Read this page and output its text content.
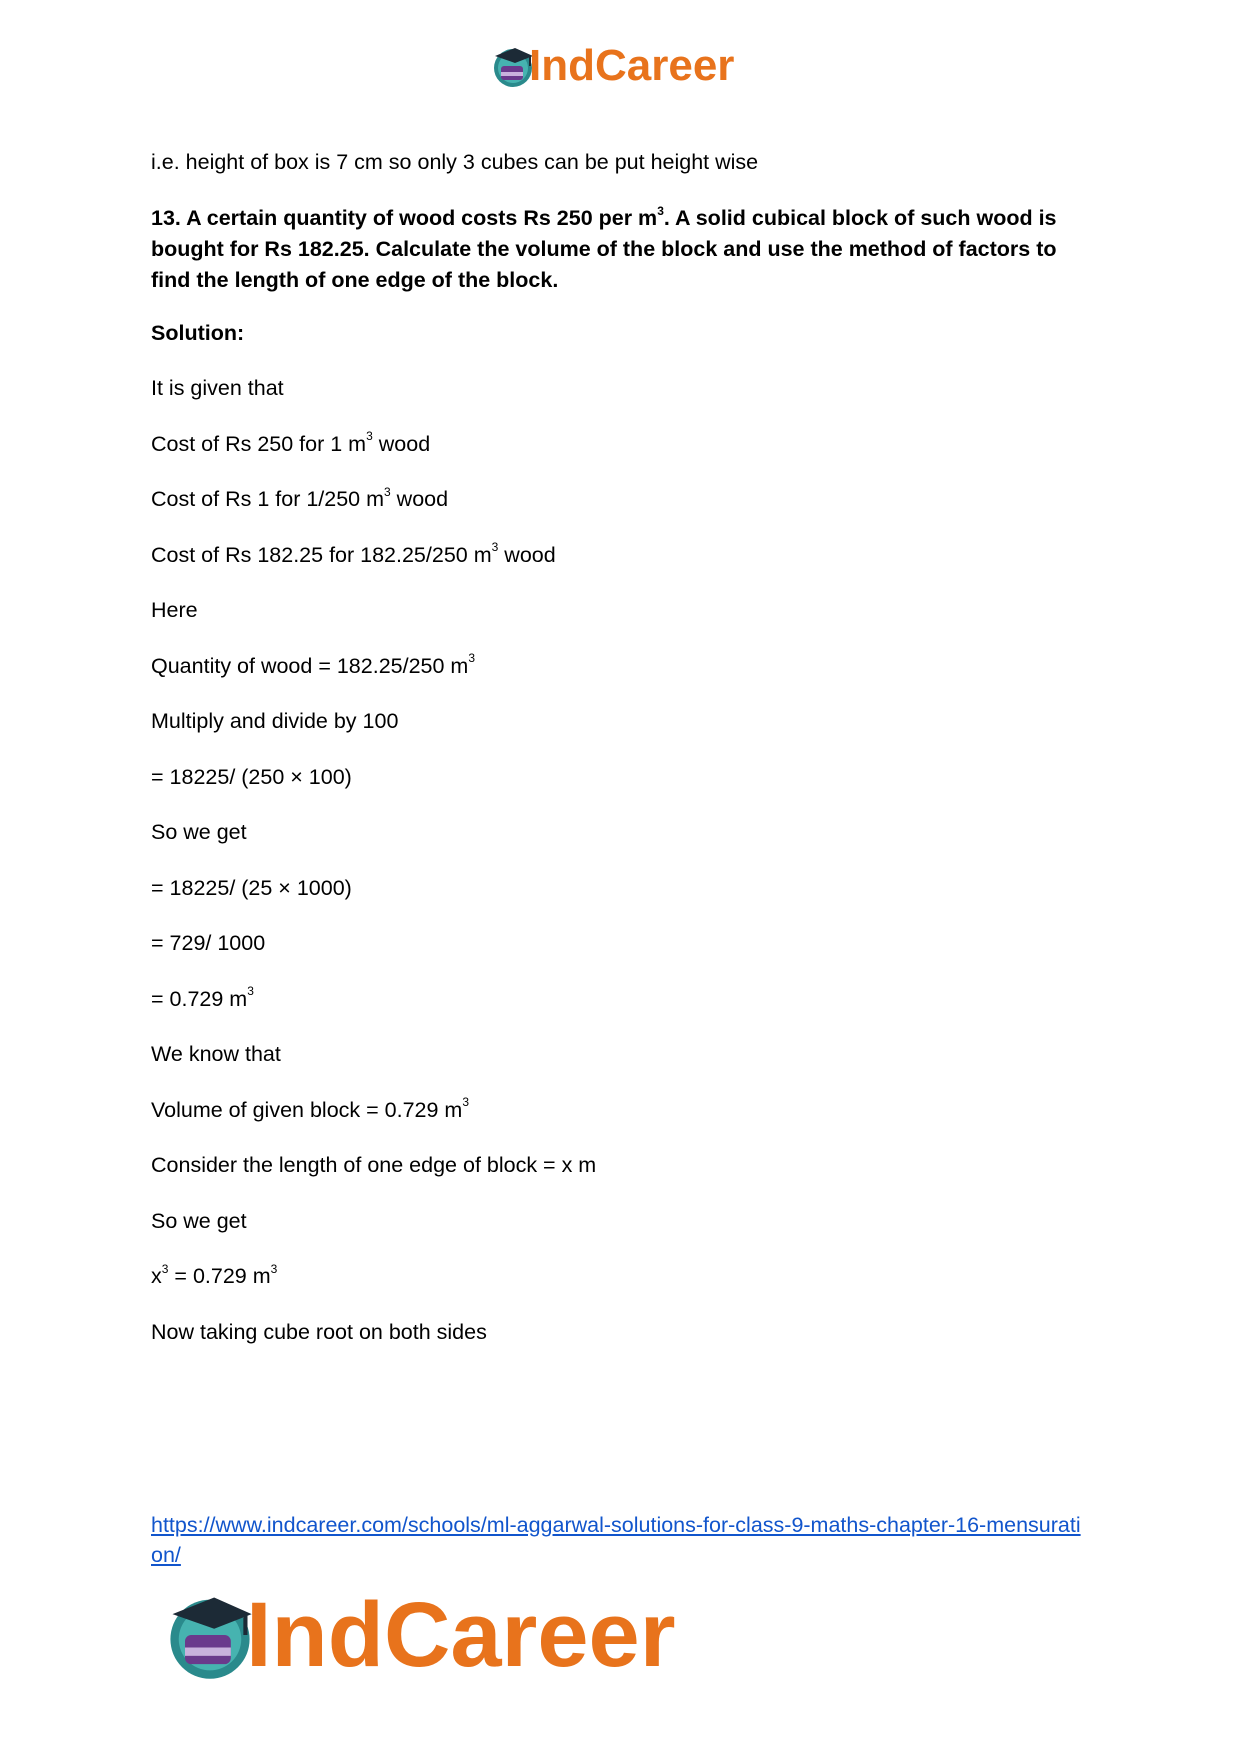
IndCareer
i.e. height of box is 7 cm so only 3 cubes can be put height wise
13. A certain quantity of wood costs Rs 250 per $m^3$. A solid cubical block of such wood is bought for Rs 182.25. Calculate the volume of the block and use the method of factors to find the length of one edge of the block.
Solution:
It is given that
Cost of Rs 250 for 1 $m^3$ wood
Cost of Rs 1 for 1/250 $m^3$ wood
Cost of Rs 182.25 for 182.25/250 $m^3$ wood
Here
Quantity of wood = 182.25/250 $m^3$
Multiply and divide by 100
= 18225/ (250 × 100)
So we get
= 18225/ (25 × 1000)
= 729/ 1000
= 0.729 $m^3$
We know that
Volume of given block = 0.729 $m^3$
Consider the length of one edge of block = x m
So we get
$x^3 = 0.729$ $m^3$
Now taking cube root on both sides
https://www.indcareer.com/schools/ml-aggarwal-solutions-for-class-9-maths-chapter-16-mensuration/
IndCareer
